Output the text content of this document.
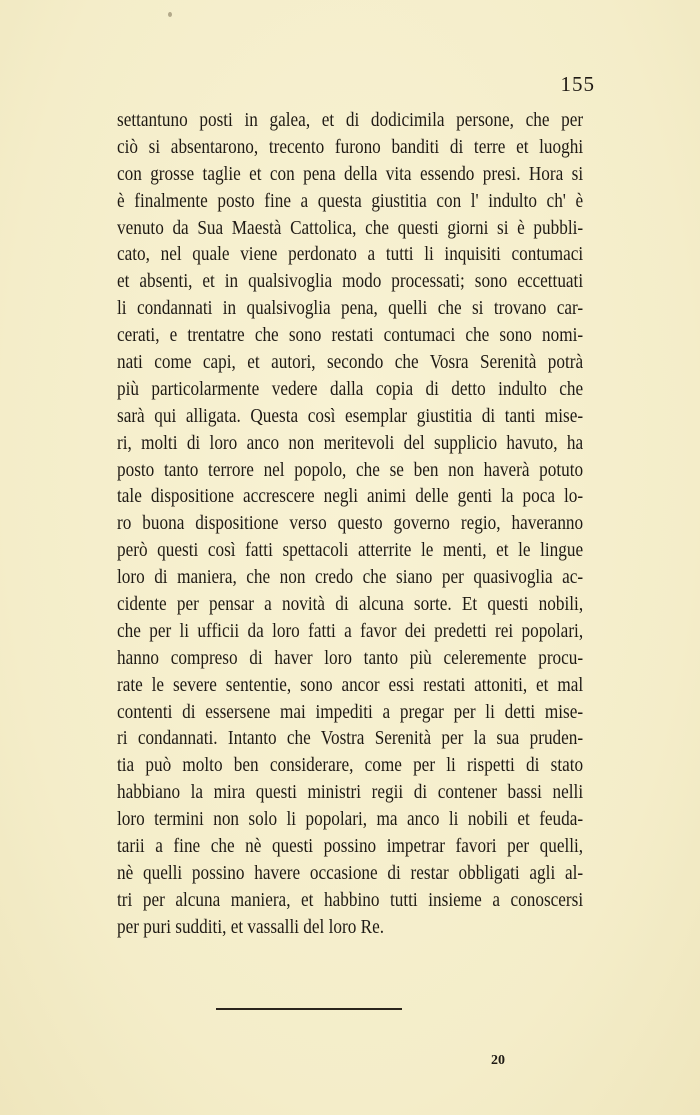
155
settantuno posti in galea, et di dodicimila persone, che per
ciò si absentarono, trecento furono banditi di terre et luoghi
con grosse taglie et con pena della vita essendo presi. Hora si
è finalmente posto fine a questa giustitia con l' indulto ch' è
venuto da Sua Maestà Cattolica, che questi giorni si è pubbli-
cato, nel quale viene perdonato a tutti li inquisiti contumaci
et absenti, et in qualsivoglia modo processati; sono eccettuati
li condannati in qualsivoglia pena, quelli che si trovano car-
cerati, e trentatre che sono restati contumaci che sono nomi-
nati come capi, et autori, secondo che Vosra Serenità potrà
più particolarmente vedere dalla copia di detto indulto che
sarà qui alligata. Questa così esemplar giustitia di tanti mise-
ri, molti di loro anco non meritevoli del supplicio havuto, ha
posto tanto terrore nel popolo, che se ben non haverà potuto
tale dispositione accrescere negli animi delle genti la poca lo-
ro buona dispositione verso questo governo regio, haveranno
però questi così fatti spettacoli atterrite le menti, et le lingue
loro di maniera, che non credo che siano per quasivoglia ac-
cidente per pensar a novità di alcuna sorte. Et questi nobili,
che per li ufficii da loro fatti a favor dei predetti rei popolari,
hanno compreso di haver loro tanto più celeremente procu-
rate le severe sententie, sono ancor essi restati attoniti, et mal
contenti di essersene mai impediti a pregar per li detti mise-
ri condannati. Intanto che Vostra Serenità per la sua pruden-
tia può molto ben considerare, come per li rispetti di stato
habbiano la mira questi ministri regii di contener bassi nelli
loro termini non solo li popolari, ma anco li nobili et feuda-
tarii a fine che nè questi possino impetrar favori per quelli,
nè quelli possino havere occasione di restar obbligati agli al-
tri per alcuna maniera, et habbino tutti insieme a conoscersi
per puri sudditi, et vassalli del loro Re.
20
